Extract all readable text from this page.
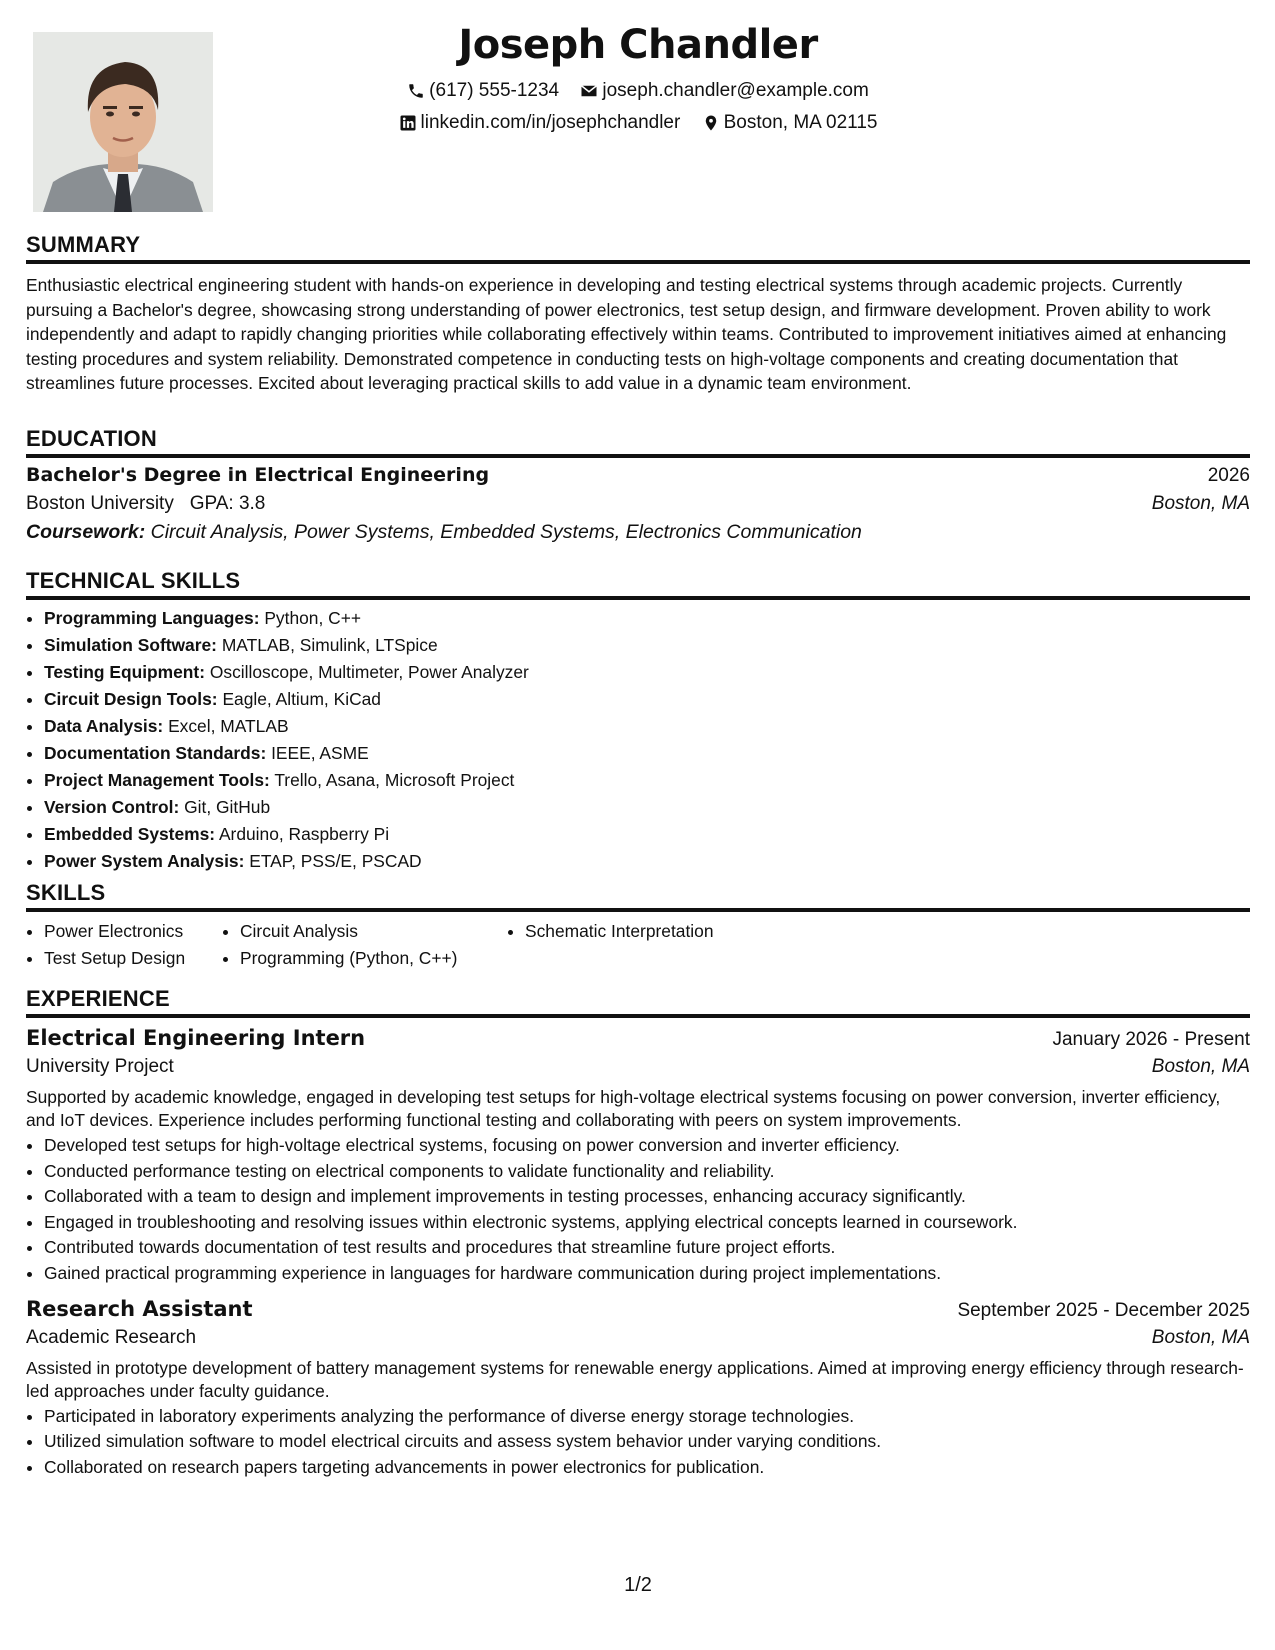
Joseph Chandler
(617) 555-1234
joseph.chandler@example.com
linkedin.com/in/josephchandler
Boston, MA 02115
SUMMARY
Enthusiastic electrical engineering student with hands-on experience in developing and testing electrical systems through academic projects. Currently pursuing a Bachelor's degree, showcasing strong understanding of power electronics, test setup design, and firmware development. Proven ability to work independently and adapt to rapidly changing priorities while collaborating effectively within teams. Contributed to improvement initiatives aimed at enhancing testing procedures and system reliability. Demonstrated competence in conducting tests on high-voltage components and creating documentation that streamlines future processes. Excited about leveraging practical skills to add value in a dynamic team environment.
EDUCATION
Bachelor's Degree in Electrical Engineering	2026
Boston University GPA: 3.8	Boston, MA
Coursework: Circuit Analysis, Power Systems, Embedded Systems, Electronics Communication
TECHNICAL SKILLS
• Programming Languages: Python, C++
• Simulation Software: MATLAB, Simulink, LTSpice
• Testing Equipment: Oscilloscope, Multimeter, Power Analyzer
• Circuit Design Tools: Eagle, Altium, KiCad
• Data Analysis: Excel, MATLAB
• Documentation Standards: IEEE, ASME
• Project Management Tools: Trello, Asana, Microsoft Project
• Version Control: Git, GitHub
• Embedded Systems: Arduino, Raspberry Pi
• Power System Analysis: ETAP, PSS/E, PSCAD
SKILLS
• Power Electronics
• Test Setup Design
• Circuit Analysis
• Programming (Python, C++)
• Schematic Interpretation
EXPERIENCE
Electrical Engineering Intern	January 2026 - Present
University Project	Boston, MA
Supported by academic knowledge, engaged in developing test setups for high-voltage electrical systems focusing on power conversion, inverter efficiency, and IoT devices. Experience includes performing functional testing and collaborating with peers on system improvements.
• Developed test setups for high-voltage electrical systems, focusing on power conversion and inverter efficiency.
• Conducted performance testing on electrical components to validate functionality and reliability.
• Collaborated with a team to design and implement improvements in testing processes, enhancing accuracy significantly.
• Engaged in troubleshooting and resolving issues within electronic systems, applying electrical concepts learned in coursework.
• Contributed towards documentation of test results and procedures that streamline future project efforts.
• Gained practical programming experience in languages for hardware communication during project implementations.
Research Assistant	September 2025 - December 2025
Academic Research	Boston, MA
Assisted in prototype development of battery management systems for renewable energy applications. Aimed at improving energy efficiency through research-led approaches under faculty guidance.
• Participated in laboratory experiments analyzing the performance of diverse energy storage technologies.
• Utilized simulation software to model electrical circuits and assess system behavior under varying conditions.
• Collaborated on research papers targeting advancements in power electronics for publication.
1/2
